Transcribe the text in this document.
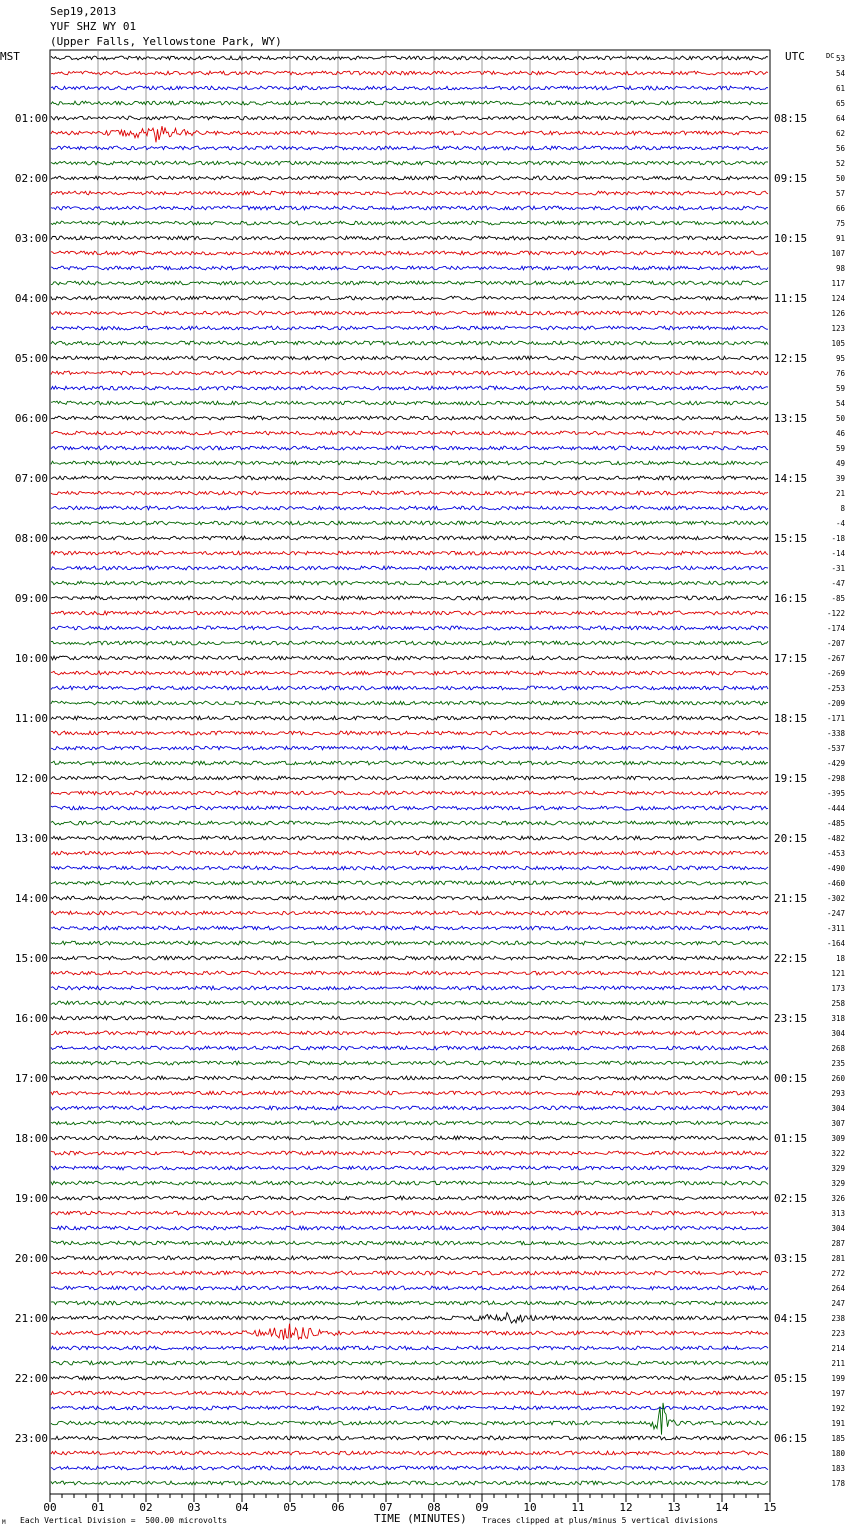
Sep19,2013
YUF SHZ WY 01
(Upper Falls, Yellowstone Park, WY)
MST	UTC	DC 53
54
61
65
64
62
56
52
50
57
66
75
91
107
98
117
124
126
123
105
95
76
59
54
50
46
59
49
39
21
8
-4
-18
-14
-31
-47
-85
-122
-174
-207
-267
-269
-253
-209
-171
-338
-537
-429
-298
-395
-444
-485
-482
-453
-490
-460
-302
-247
-311
-164
18
121
173
258
318
304
268
235
260
293
304
307
309
322
329
329
326
313
304
287
281
272
264
247
238
223
214
211
199
197
192
191
185
180
183
178
01:00
02:00
03:00
04:00
05:00
06:00
07:00
08:00
09:00
10:00
11:00
12:00
13:00
14:00
15:00
16:00
17:00
18:00
19:00
20:00
21:00
22:00
23:00
08:15
09:15
10:15
11:15
12:15
13:15
14:15
15:15
16:15
17:15
18:15
19:15
20:15
21:15
22:15
23:15
00:15
01:15
02:15
03:15
04:15
05:15
06:15
00	01	02	03	04	05	06	07	08	09	10	11	12	13	14	15
M Each Vertical Division =  500.00 microvolts	TIME (MINUTES) Traces clipped at plus/minus 5 vertical divisions
